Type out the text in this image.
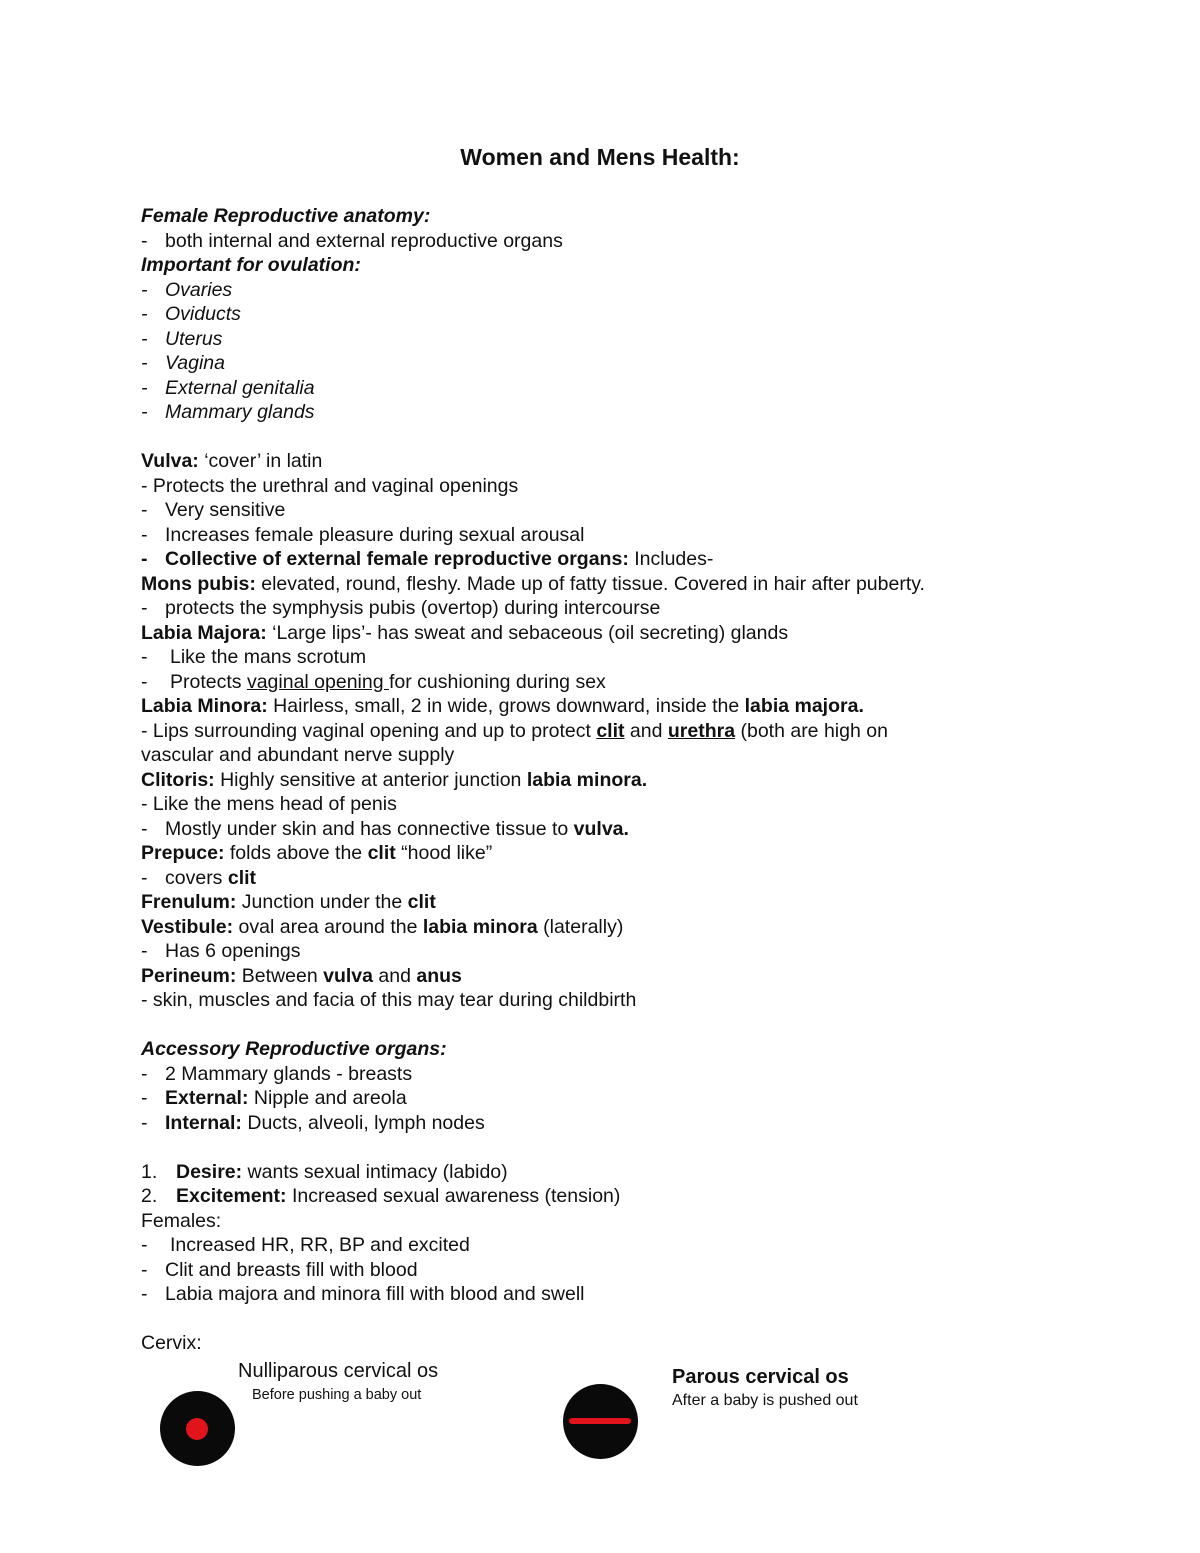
Women and Mens Health:
Female Reproductive anatomy:
- both internal and external reproductive organs
Important for ovulation:
- Ovaries
- Oviducts
- Uterus
- Vagina
- External genitalia
- Mammary glands
Vulva: ‘cover’ in latin
- Protects the urethral and vaginal openings
- Very sensitive
- Increases female pleasure during sexual arousal
- Collective of external female reproductive organs: Includes-
Mons pubis: elevated, round, fleshy. Made up of fatty tissue. Covered in hair after puberty.
- protects the symphysis pubis (overtop) during intercourse
Labia Majora: ‘Large lips’- has sweat and sebaceous (oil secreting) glands
- Like the mans scrotum
- Protects vaginal opening for cushioning during sex
Labia Minora: Hairless, small, 2 in wide, grows downward, inside the labia majora.
- Lips surrounding vaginal opening and up to protect clit and urethra (both are high on
vascular and abundant nerve supply
Clitoris: Highly sensitive at anterior junction labia minora.
- Like the mens head of penis
- Mostly under skin and has connective tissue to vulva.
Prepuce: folds above the clit “hood like”
- covers clit
Frenulum: Junction under the clit
Vestibule: oval area around the labia minora (laterally)
- Has 6 openings
Perineum: Between vulva and anus
- skin, muscles and facia of this may tear during childbirth
Accessory Reproductive organs:
- 2 Mammary glands - breasts
- External: Nipple and areola
- Internal: Ducts, alveoli, lymph nodes
1. Desire: wants sexual intimacy (labido)
2. Excitement: Increased sexual awareness (tension)
Females:
- Increased HR, RR, BP and excited
- Clit and breasts fill with blood
- Labia majora and minora fill with blood and swell
Cervix:
Nulliparous cervical os
Before pushing a baby out
Parous cervical os
After a baby is pushed out
